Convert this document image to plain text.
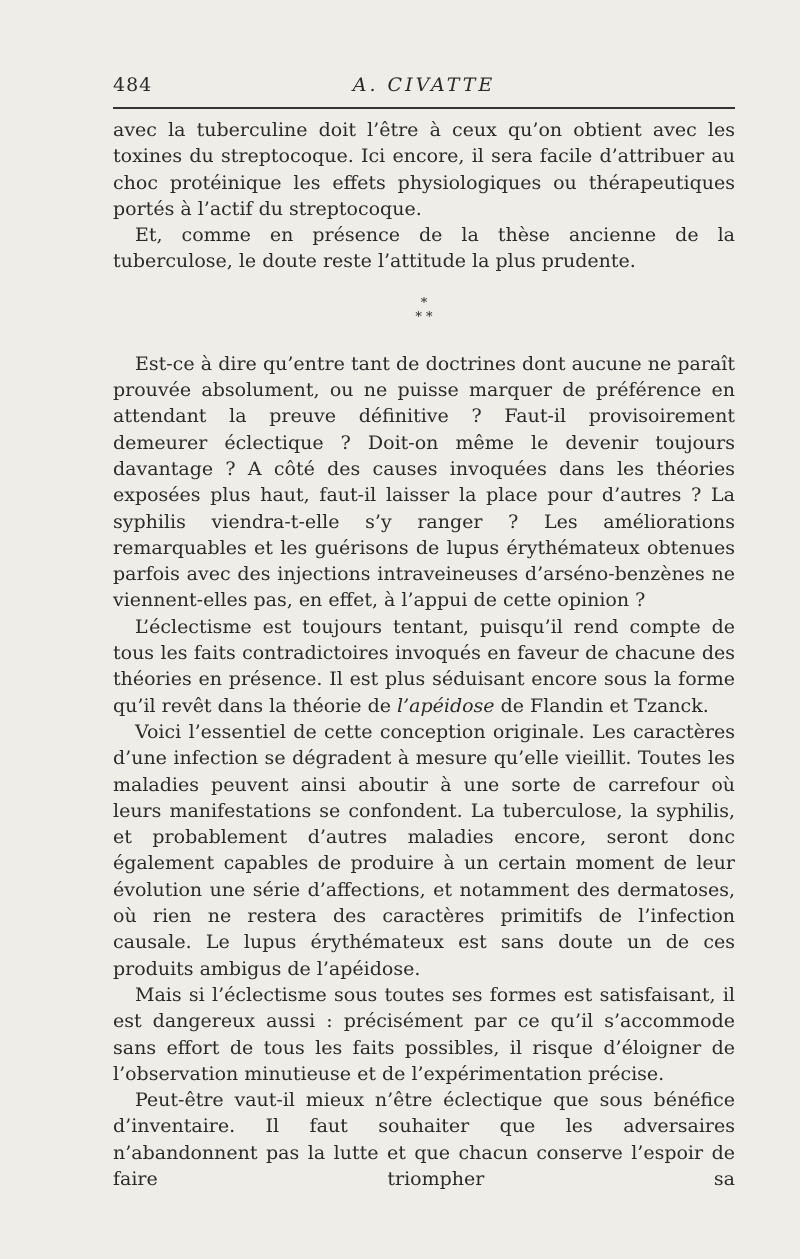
484	A. CIVATTE

avec la tuberculine doit l’être à ceux qu’on obtient avec les toxines du streptocoque. Ici encore, il sera facile d’attribuer au choc protéinique les effets physiologiques ou thérapeutiques portés à l’actif du streptocoque.

Et, comme en présence de la thèse ancienne de la tuberculose, le doute reste l’attitude la plus prudente.

*
* *

Est-ce à dire qu’entre tant de doctrines dont aucune ne paraît prouvée absolument, ou ne puisse marquer de préférence en attendant la preuve définitive ? Faut-il provisoirement demeurer éclectique ? Doit-on même le devenir toujours davantage ? A côté des causes invoquées dans les théories exposées plus haut, faut-il laisser la place pour d’autres ? La syphilis viendra-t-elle s’y ranger ? Les améliorations remarquables et les guérisons de lupus érythémateux obtenues parfois avec des injections intraveineuses d’arséno-benzènes ne viennent-elles pas, en effet, à l’appui de cette opinion ?

L’éclectisme est toujours tentant, puisqu’il rend compte de tous les faits contradictoires invoqués en faveur de chacune des théories en présence. Il est plus séduisant encore sous la forme qu’il revêt dans la théorie de l’apéidose de Flandin et Tzanck.

Voici l’essentiel de cette conception originale. Les caractères d’une infection se dégradent à mesure qu’elle vieillit. Toutes les maladies peuvent ainsi aboutir à une sorte de carrefour où leurs manifestations se confondent. La tuberculose, la syphilis, et probablement d’autres maladies encore, seront donc également capables de produire à un certain moment de leur évolution une série d’affections, et notamment des dermatoses, où rien ne restera des caractères primitifs de l’infection causale. Le lupus érythémateux est sans doute un de ces produits ambigus de l’apéidose.

Mais si l’éclectisme sous toutes ses formes est satisfaisant, il est dangereux aussi : précisément par ce qu’il s’accommode sans effort de tous les faits possibles, il risque d’éloigner de l’observation minutieuse et de l’expérimentation précise.

Peut-être vaut-il mieux n’être éclectique que sous bénéfice d’inventaire. Il faut souhaiter que les adversaires n’abandonnent pas la lutte et que chacun conserve l’espoir de faire triompher sa
